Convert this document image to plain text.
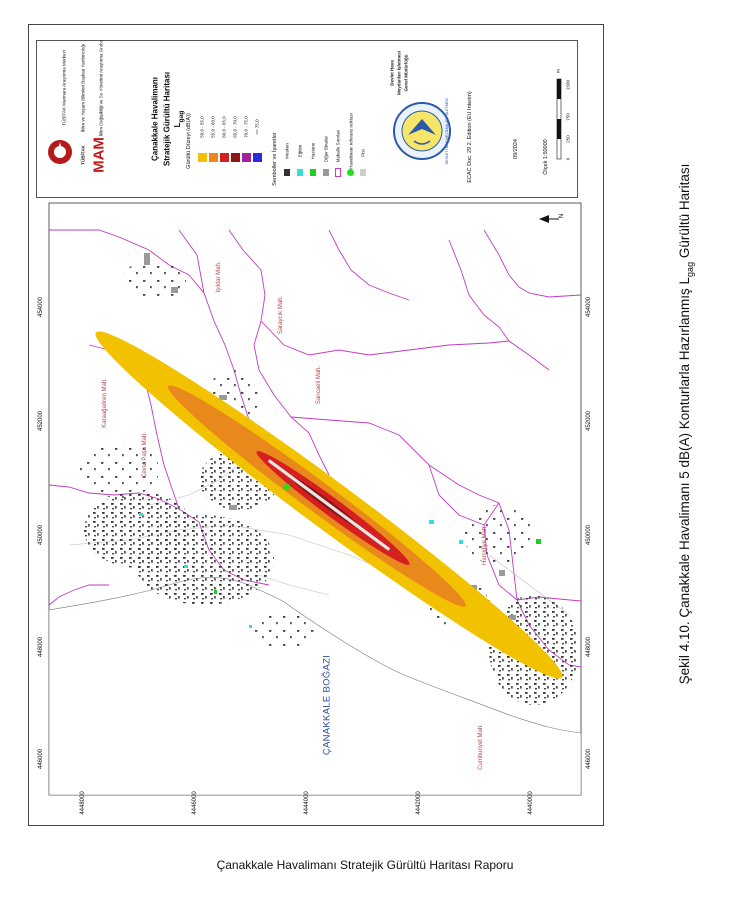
4448000	4446000	4444000	4442000	4440000
446000
448000
450000
452000
454000
446000
448000
450000
452000
454000
N
Karaağaören Mah.
Cevat Paşa Mah.
Işıklar Mah.
Saraycık Mah.
Sarıcaeli Mah.
Hamidiye Mah.
Cumhuriyet Mah.
ÇANAKKALE BOĞAZI
TÜBİTAK MAM
TÜBİTAK Marmara Araştırma Merkezi	İklim ve Yaşam Bilimleri Başkan Yardımcılığı	İklim Değişikliği ve Su Yönetimi Araştırma Grubu	Çanakkale Havalimanı Stratejik Gürültü Haritası $L_{gag}$ Gürültü Düzeyi (dB(A)) 50,0 - 55,0
55,0 - 60,0
60,0 - 65,0
65,0 - 70,0
70,0 - 75,0
>= 75,0
Semboller ve İşaretler Mesken Eğitim Hastane Diğer Binalar Mahalle Sınırları Havalimanı referans noktası Pist
Devlet Hava Meydanları İşletmesi Genel Müdürlüğü
DEVLET HAVA MEYDANLARI İŞLETMESİ	ECAC Doc. 29 2. Edition (EU Interim)	09/2024	Ölçek 1:50000	0
250
750
1500
m
Şekil 4.10. Çanakkale Havalimanı 5 dB(A) Konturlarla Hazırlanmış $L_{gag}$ Gürültü Haritası
Çanakkale Havalimanı Stratejik Gürültü Haritası Raporu
